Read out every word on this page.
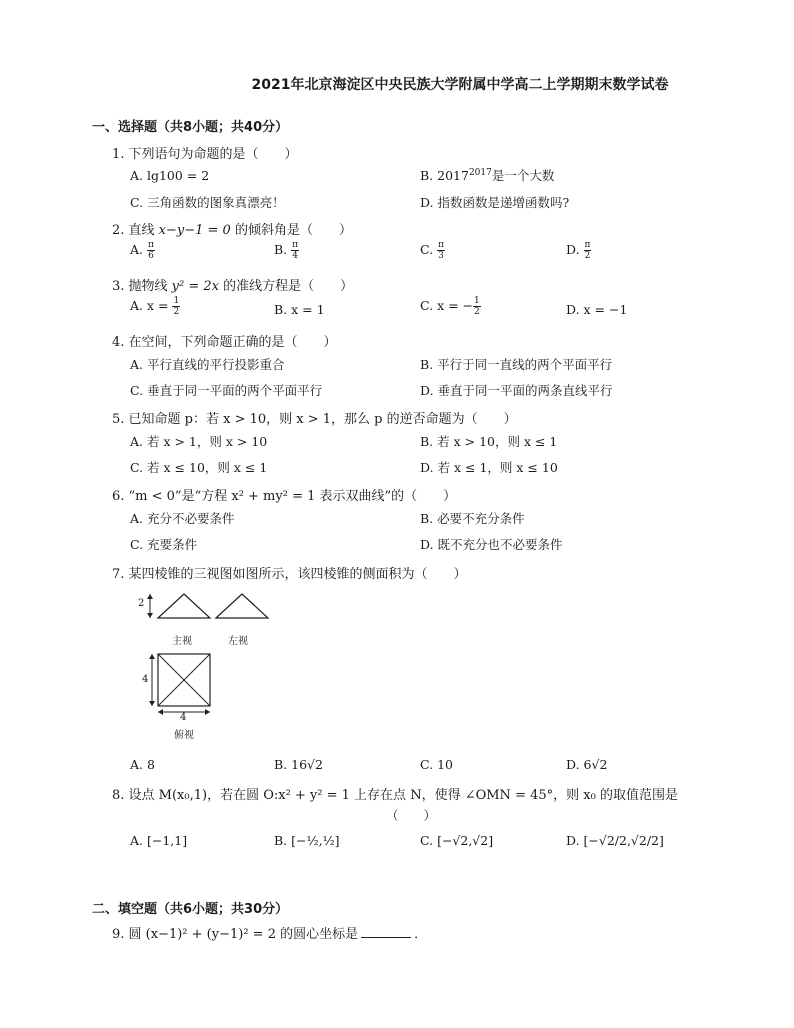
2021年北京海淀区中央民族大学附属中学高二上学期期末数学试卷
一、选择题（共8小题；共40分）
1. 下列语句为命题的是（　　）
A. lg100 = 2	B. $2017^{2017}$是一个大数
C. 三角函数的图象真漂亮！	D. 指数函数是递增函数吗?
2. 直线 x−y−1 = 0 的倾斜角是（　　）
A. $\frac{\pi}{6}$	B. $\frac{\pi}{4}$	C. $\frac{\pi}{3}$	D. $\frac{\pi}{2}$
3. 抛物线 y² = 2x 的准线方程是（　　）
A. $x = \frac{1}{2}$	B. x = 1	C. x = − $\frac{1}{2}$	D. x = −1
4. 在空间，下列命题正确的是（　　）
A. 平行直线的平行投影重合	B. 平行于同一直线的两个平面平行
C. 垂直于同一平面的两个平面平行	D. 垂直于同一平面的两条直线平行
5. 已知命题 p：若 x > 10，则 x > 1，那么 p 的逆否命题为（　　）
A. 若 x > 1，则 x > 10	B. 若 x > 10，则 x ≤ 1
C. 若 x ≤ 10，则 x ≤ 1	D. 若 x ≤ 1，则 x ≤ 10
6. “m < 0”是“方程 x² + my² = 1 表示双曲线”的（　　）
A. 充分不必要条件	B. 必要不充分条件
C. 充要条件	D. 既不充分也不必要条件
7. 某四棱锥的三视图如图所示，该四棱锥的侧面积为（　　）
2
主视	左视
4
4
俯视
A. 8	B. 16√2	C. 10	D. 6√2
8. 设点 M(x₀,1)，若在圆 O:x² + y² = 1 上存在点 N，使得 ∠OMN = 45°，则 x₀ 的取值范围是
（　　）
A. [−1,1]	B. [−½,½]	C. [−√2,√2]	D. [−√2/2,√2/2]
二、填空题（共6小题；共30分）
9. 圆 (x−1)² + (y−1)² = 2 的圆心坐标是	．
